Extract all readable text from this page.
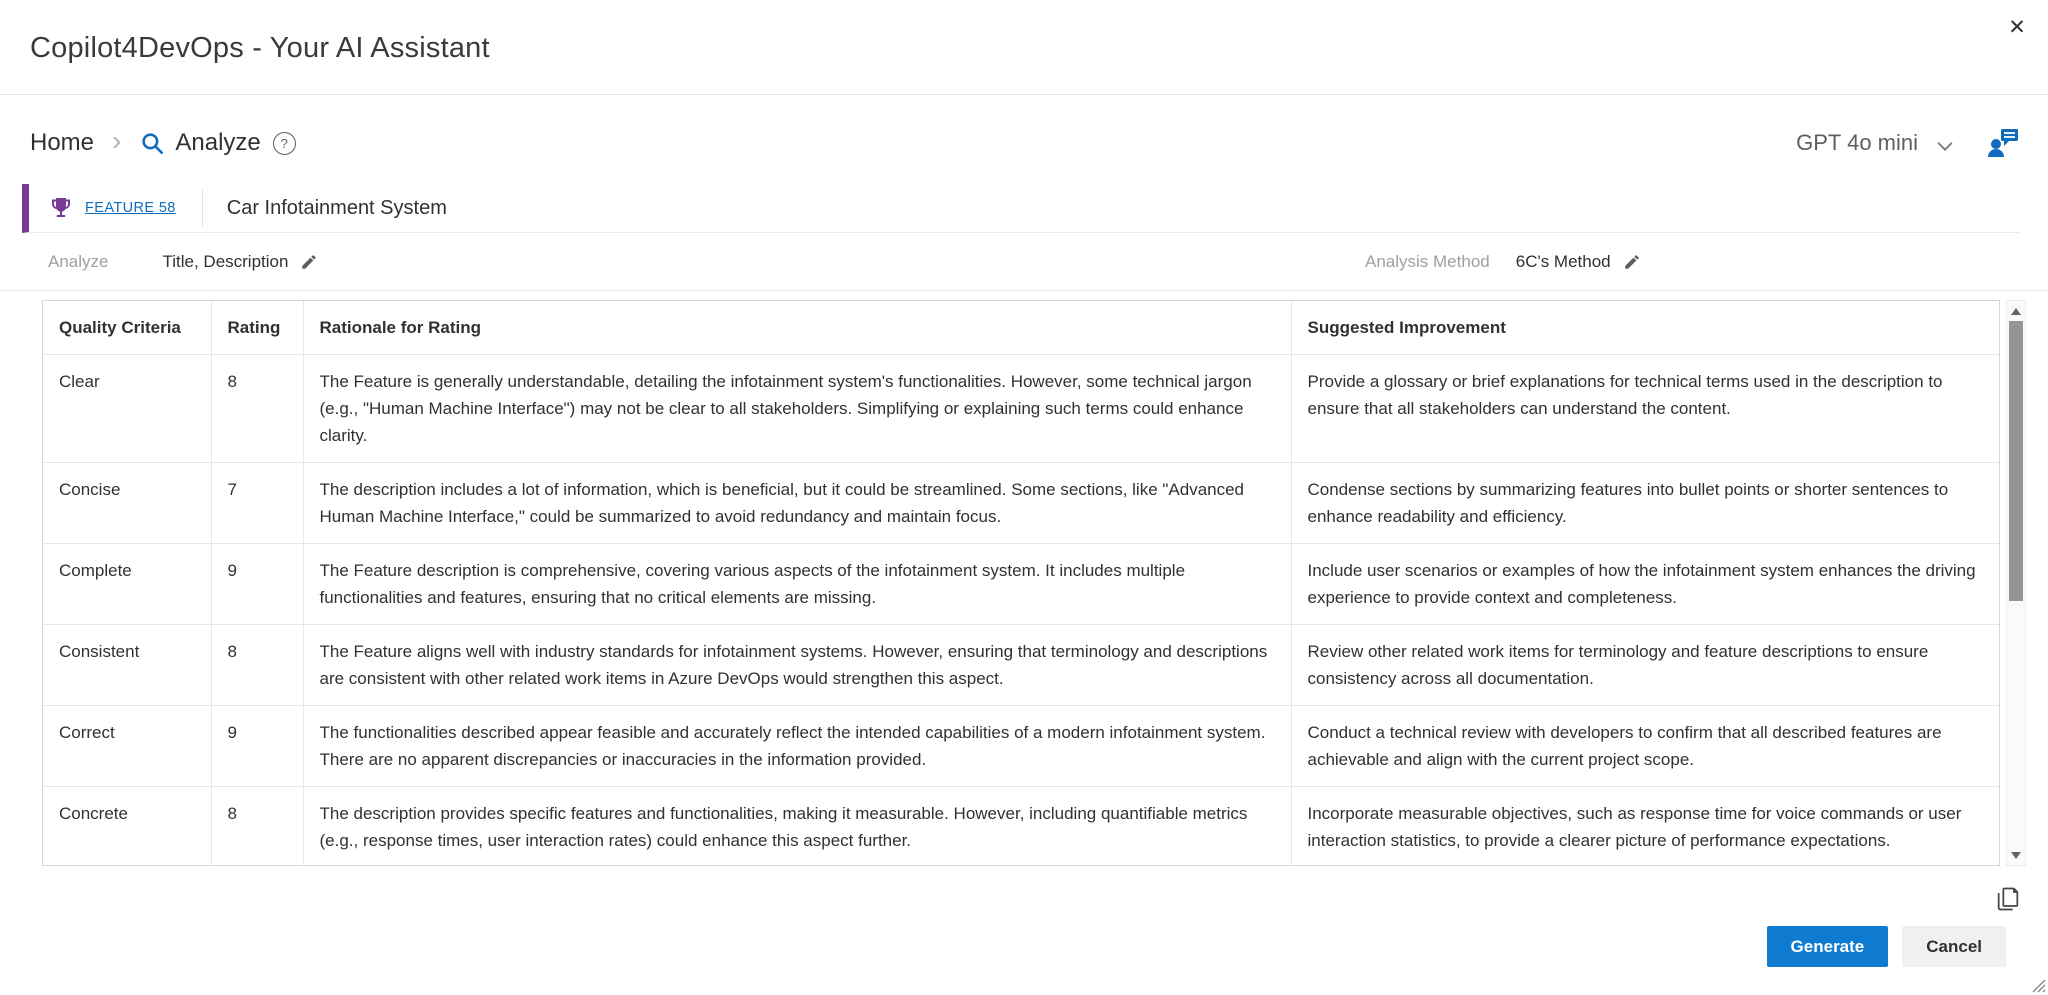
Copilot4DevOps - Your AI Assistant
✕
Home › Analyze	?	GPT 4o mini
FEATURE 58	Car Infotainment System
Analyze	Title, Description	Analysis Method 6C's Method
Quality Criteria	Rating	Rationale for Rating	Suggested Improvement
Clear	8	The Feature is generally understandable, detailing the infotainment system's functionalities. However, some technical jargon (e.g., "Human Machine Interface") may not be clear to all stakeholders. Simplifying or explaining such terms could enhance clarity.	Provide a glossary or brief explanations for technical terms used in the description to ensure that all stakeholders can understand the content.
Concise	7	The description includes a lot of information, which is beneficial, but it could be streamlined. Some sections, like "Advanced Human Machine Interface," could be summarized to avoid redundancy and maintain focus.	Condense sections by summarizing features into bullet points or shorter sentences to enhance readability and efficiency.
Complete	9	The Feature description is comprehensive, covering various aspects of the infotainment system. It includes multiple functionalities and features, ensuring that no critical elements are missing.	Include user scenarios or examples of how the infotainment system enhances the driving experience to provide context and completeness.
Consistent	8	The Feature aligns well with industry standards for infotainment systems. However, ensuring that terminology and descriptions are consistent with other related work items in Azure DevOps would strengthen this aspect.	Review other related work items for terminology and feature descriptions to ensure consistency across all documentation.
Correct	9	The functionalities described appear feasible and accurately reflect the intended capabilities of a modern infotainment system. There are no apparent discrepancies or inaccuracies in the information provided.	Conduct a technical review with developers to confirm that all described features are achievable and align with the current project scope.
Concrete	8	The description provides specific features and functionalities, making it measurable. However, including quantifiable metrics (e.g., response times, user interaction rates) could enhance this aspect further.	Incorporate measurable objectives, such as response time for voice commands or user interaction statistics, to provide a clearer picture of performance expectations.
Generate	Cancel
